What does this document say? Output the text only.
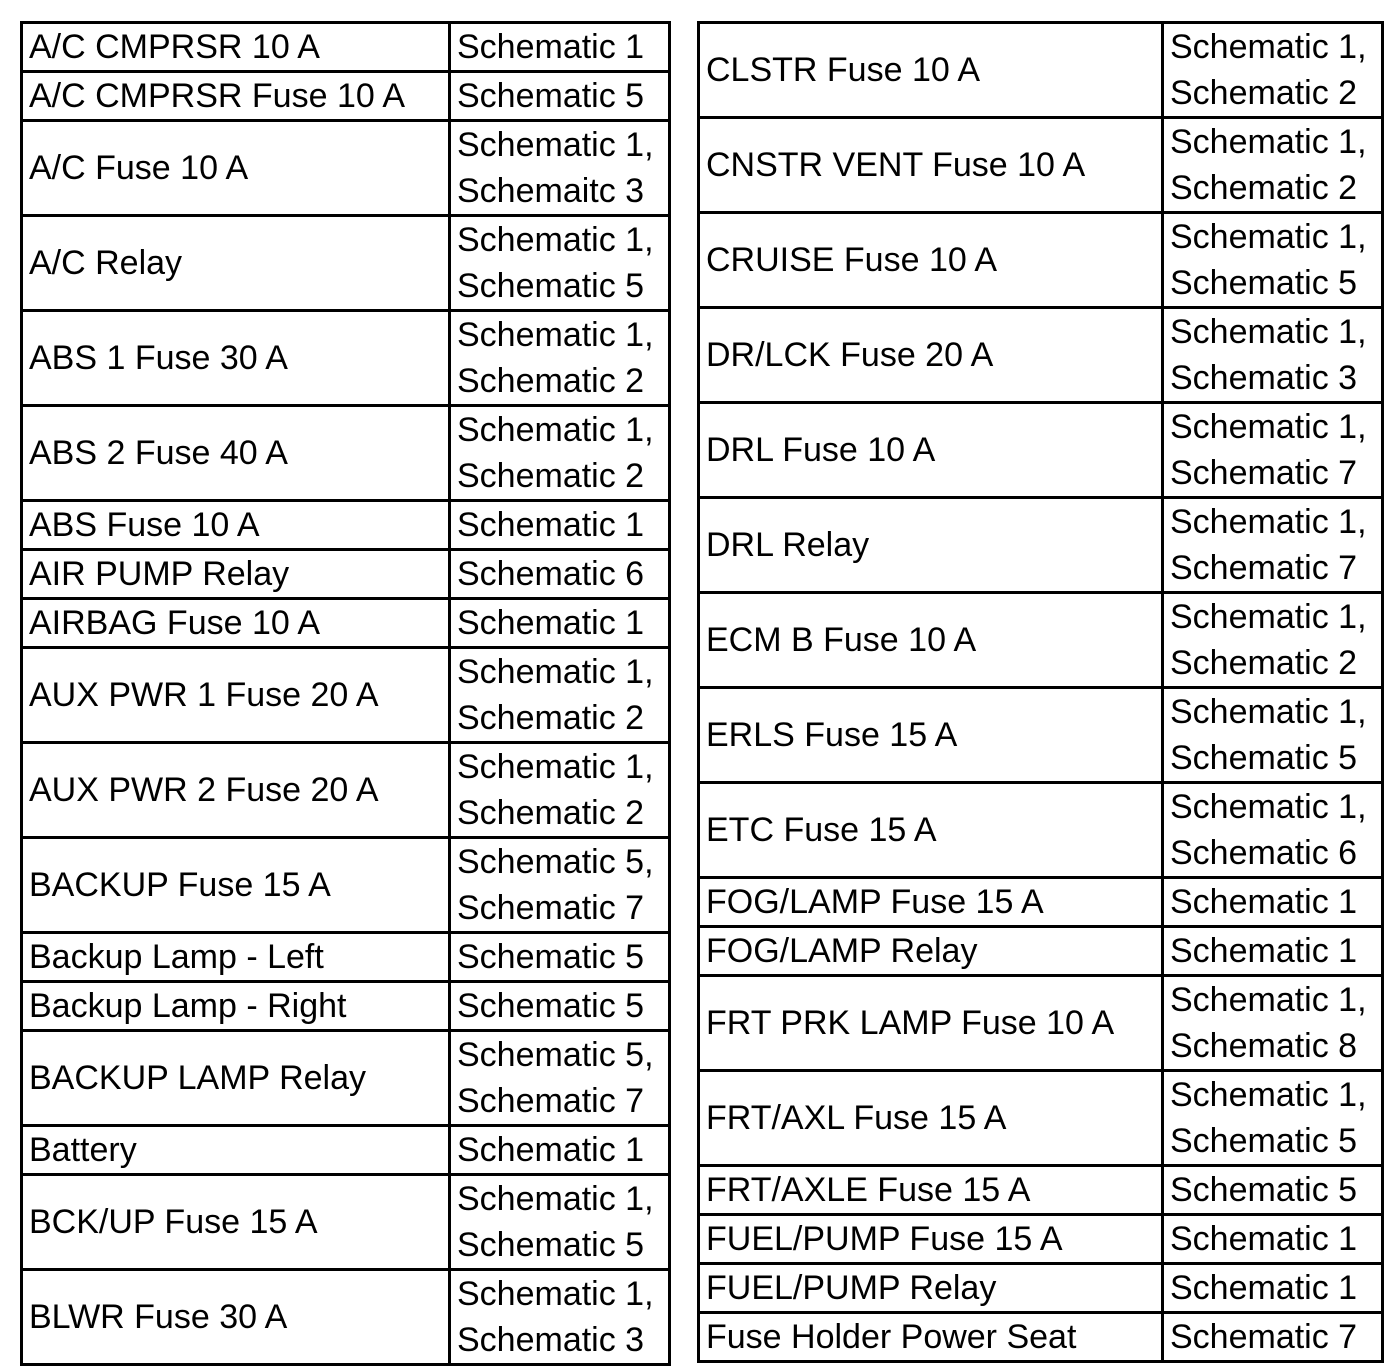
A/C CMPRSR 10 A	Schematic 1

A/C CMPRSR Fuse 10 A	Schematic 5

A/C Fuse 10 A	Schematic 1,
Schemaitc 3

A/C Relay	Schematic 1,
Schematic 5

ABS 1 Fuse 30 A	Schematic 1,
Schematic 2

ABS 2 Fuse 40 A	Schematic 1,
Schematic 2

ABS Fuse 10 A	Schematic 1

AIR PUMP Relay	Schematic 6

AIRBAG Fuse 10 A	Schematic 1

AUX PWR 1 Fuse 20 A	Schematic 1,
Schematic 2

AUX PWR 2 Fuse 20 A	Schematic 1,
Schematic 2

BACKUP Fuse 15 A	Schematic 5,
Schematic 7

Backup Lamp - Left	Schematic 5

Backup Lamp - Right	Schematic 5

BACKUP LAMP Relay	Schematic 5,
Schematic 7

Battery	Schematic 1

BCK/UP Fuse 15 A	Schematic 1,
Schematic 5

BLWR Fuse 30 A	Schematic 1,
Schematic 3
CLSTR Fuse 10 A	Schematic 1,
Schematic 2

CNSTR VENT Fuse 10 A	Schematic 1,
Schematic 2

CRUISE Fuse 10 A	Schematic 1,
Schematic 5

DR/LCK Fuse 20 A	Schematic 1,
Schematic 3

DRL Fuse 10 A	Schematic 1,
Schematic 7

DRL Relay	Schematic 1,
Schematic 7

ECM B Fuse 10 A	Schematic 1,
Schematic 2

ERLS Fuse 15 A	Schematic 1,
Schematic 5

ETC Fuse 15 A	Schematic 1,
Schematic 6

FOG/LAMP Fuse 15 A	Schematic 1

FOG/LAMP Relay	Schematic 1

FRT PRK LAMP Fuse 10 A	Schematic 1,
Schematic 8

FRT/AXL Fuse 15 A	Schematic 1,
Schematic 5

FRT/AXLE Fuse 15 A	Schematic 5

FUEL/PUMP Fuse 15 A	Schematic 1

FUEL/PUMP Relay	Schematic 1

Fuse Holder Power Seat	Schematic 7
